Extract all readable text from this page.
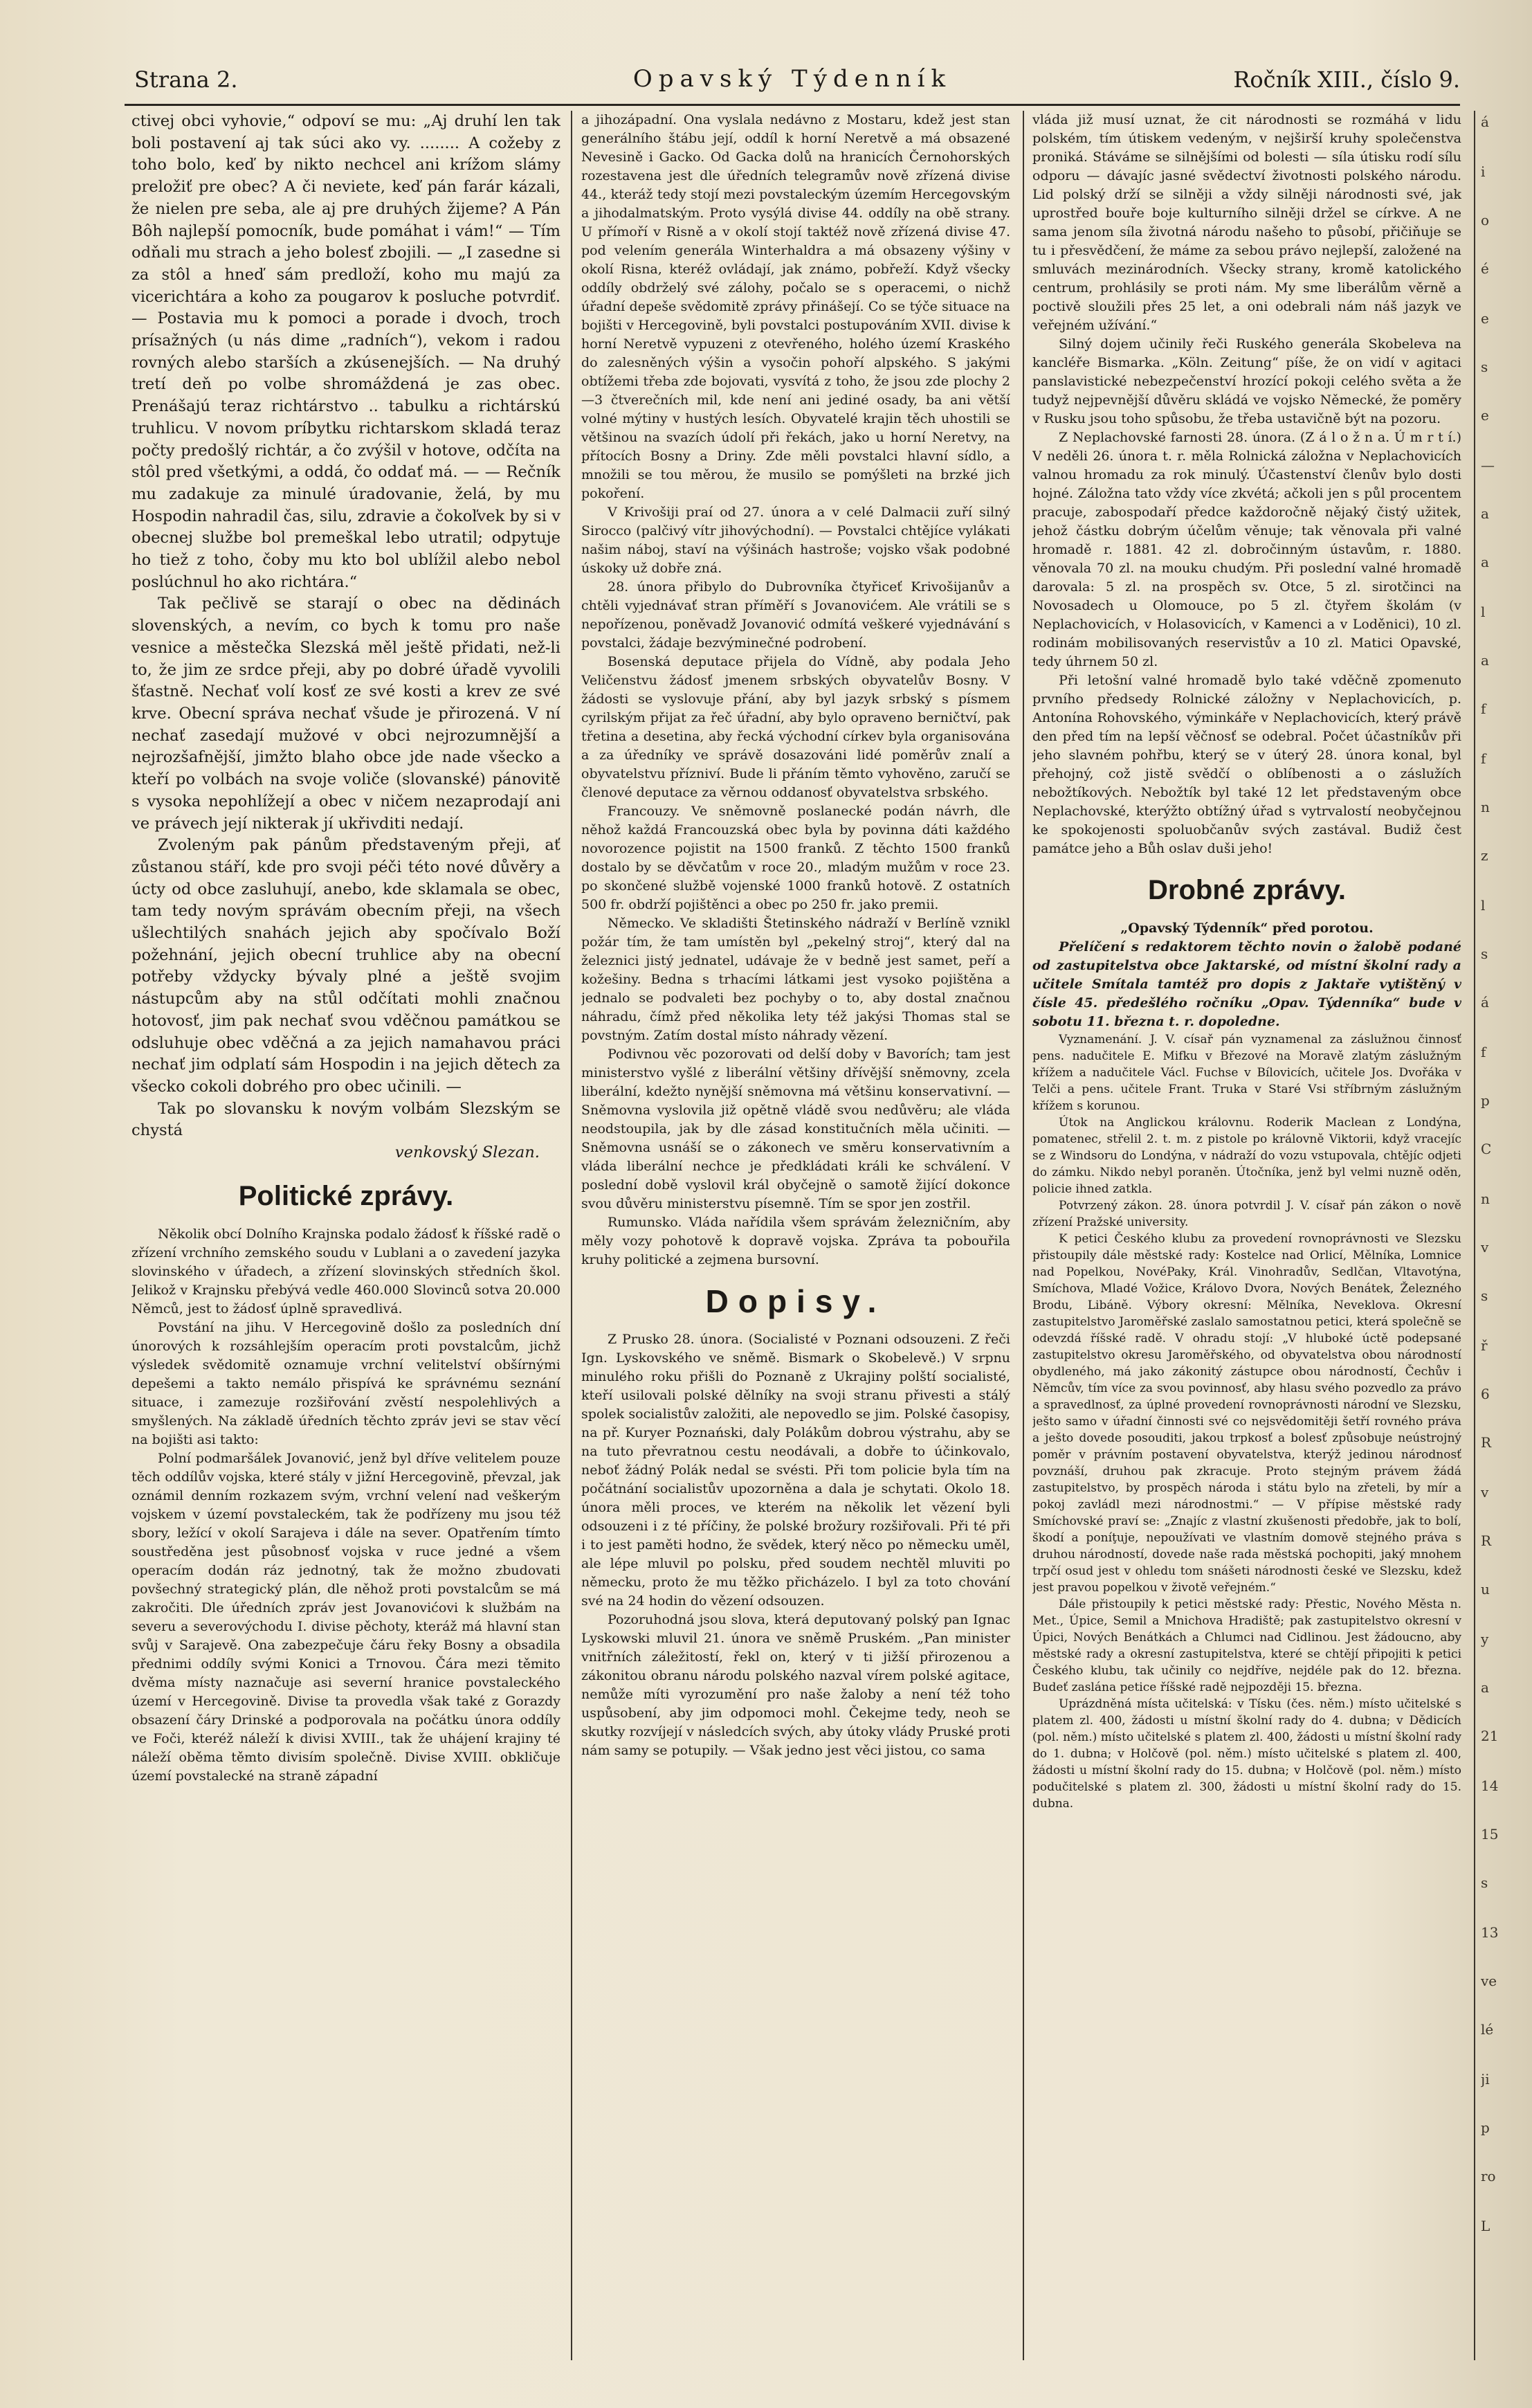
Strana 2.	Opavský Týdenník	Ročník XIII., číslo 9.

ctivej obci vyhovie,“ odpoví se mu: „Aj druhí len tak boli postavení aj tak súci ako vy. ........ A cožeby z toho bolo, keď by nikto nechcel ani krížom slámy preložiť pre obec? A či neviete, keď pán farár kázali, že nielen pre seba, ale aj pre druhých žijeme? A Pán Bôh najlepší pomocník, bude pomáhat i vám!“ — Tím odňali mu strach a jeho bolesť zbojili. — „I zasedne si za stôl a hneď sám predloží, koho mu majú za vicerichtára a koho za pougarov k posluche potvrdiť. — Postavia mu k pomoci a porade i dvoch, troch prísažných (u nás dime „radních“), vekom i radou rovných alebo starších a zkúsenejších. — Na druhý tretí deň po volbe shromáždená je zas obec. Prenášajú teraz richtárstvo .. tabulku a richtárskú truhlicu. V novom príbytku richtarskom skladá teraz počty predošlý richtár, a čo zvýšil v hotove, odčíta na stôl pred všetkými, a oddá, čo oddať má. — — Rečník mu zadakuje za minulé úradovanie, želá, by mu Hospodin nahradil čas, silu, zdravie a čokoľvek by si v obecnej službe bol premeškal lebo utratil; odpytuje ho tiež z toho, čoby mu kto bol ublížil alebo nebol poslúchnul ho ako richtára.“

Tak pečlivě se starají o obec na dědinách slovenských, a nevím, co bych k tomu pro naše vesnice a městečka Slezská měl ještě přidati, než-li to, že jim ze srdce přeji, aby po dobré úřadě vyvolili šťastně. Nechať volí kosť ze své kosti a krev ze své krve. Obecní správa nechať všude je přirozená. V ní nechať zasedají mužové v obci nejrozumnější a nejrozšafnější, jimžto blaho obce jde nade všecko a kteří po volbách na svoje voliče (slovanské) pánovitě s vysoka nepohlížejí a obec v ničem nezaprodají ani ve právech její nikterak jí ukřivditi nedají.

Zvoleným pak pánům představeným přeji, ať zůstanou stáří, kde pro svoji péči této nové důvěry a úcty od obce zasluhují, anebo, kde sklamala se obec, tam tedy novým správám obecním přeji, na všech ušlechtilých snahách jejich aby spočívalo Boží požehnání, jejich obecní truhlice aby na obecní potřeby vždycky bývaly plné a ještě svojim nástupcům aby na stůl odčítati mohli značnou hotovosť, jim pak nechať svou vděčnou památkou se odsluhuje obec vděčná a za jejich namahavou práci nechať jim odplatí sám Hospodin i na jejich dětech za všecko cokoli dobrého pro obec učinili. —

Tak po slovansku k novým volbám Slezským se chystá

venkovský Slezan.
Politické zprávy.

Několik obcí Dolního Krajnska podalo žádosť k říšské radě o zřízení vrchního zemského soudu v Lublani a o zavedení jazyka slovinského v úřadech, a zřízení slovinských středních škol. Jelikož v Krajnsku přebývá vedle 460.000 Slovinců sotva 20.000 Němců, jest to žádosť úplně spravedlivá.

Povstání na jihu. V Hercegovině došlo za posledních dní únorových k rozsáhlejším operacím proti povstalcům, jichž výsledek svědomitě oznamuje vrchní velitelství obšírnými depešemi a takto nemálo přispívá ke správnému seznání situace, i zamezuje rozšiřování zvěstí nespolehlivých a smyšlených. Na základě úředních těchto zpráv jevi se stav věcí na bojišti asi takto:

Polní podmaršálek Jovanović, jenž byl dříve velitelem pouze těch oddílův vojska, které stály v jižní Hercegovině, převzal, jak oznámil denním rozkazem svým, vrchní velení nad veškerým vojskem v území povstaleckém, tak že podřízeny mu jsou též sbory, ležící v okolí Sarajeva i dále na sever. Opatřením tímto soustředěna jest působnosť vojska v ruce jedné a všem operacím dodán ráz jednotný, tak že možno zbudovati povšechný strategický plán, dle něhož proti povstalcům se má zakročiti. Dle úředních zpráv jest Jovanovićovi k službám na severu a severovýchodu I. divise pěchoty, kteráž má hlavní stan svůj v Sarajevě. Ona zabezpečuje čáru řeky Bosny a obsadila přednimi oddíly svými Konici a Trnovou. Čára mezi těmito dvěma místy naznačuje asi severní hranice povstaleckého území v Hercegovině. Divise ta provedla však také z Gorazdy obsazení čáry Drinské a podporovala na počátku února oddíly ve Foči, kteréž náleží k divisi XVIII., tak že uhájení krajiny té náleží oběma těmto divisím společně. Divise XVIII. obkličuje území povstalecké na straně západní

a jihozápadní. Ona vyslala nedávno z Mostaru, kdež jest stan generálního štábu její, oddíl k horní Neretvě a má obsazené Nevesině i Gacko. Od Gacka dolů na hranicích Černohorských rozestavena jest dle úředních telegramův nově zřízená divise 44., kteráž tedy stojí mezi povstaleckým územím Hercegovským a jihodalmatským. Proto vysýlá divise 44. oddíly na obě strany. U přímoří v Risně a v okolí stojí taktéž nově zřízená divise 47. pod velením generála Winterhaldra a má obsazeny výšiny v okolí Risna, kteréž ovládají, jak známo, pobřeží. Když všecky oddíly obdrželý své zálohy, počalo se s operacemi, o nichž úřadní depeše svědomitě zprávy přinášejí. Co se týče situace na bojišti v Hercegovině, byli povstalci postupováním XVII. divise k horní Neretvě vypuzeni z otevřeného, holého území Kraského do zalesněných výšin a vysočin pohoří alpského. S jakými obtížemi třeba zde bojovati, vysvítá z toho, že jsou zde plochy 2—3 čtverečních mil, kde není ani jediné osady, ba ani větší volné mýtiny v hustých lesích. Obyvatelé krajin těch uhostili se většinou na svazích údolí při řekách, jako u horní Neretvy, na přítocích Bosny a Driny. Zde měli povstalci hlavní sídlo, a množili se tou měrou, že musilo se pomýšleti na brzké jich pokoření.

V Krivošiji praí od 27. února a v celé Dalmacii zuří silný Sirocco (palčivý vítr jihovýchodní). — Povstalci chtějíce vylákati našim náboj, staví na výšinách hastroše; vojsko však podobné úskoky už dobře zná.

28. února přibylo do Dubrovníka čtyřiceť Krivošijanův a chtěli vyjednávať stran příměří s Jovanovićem. Ale vrátili se s nepořízenou, poněvadž Jovanović odmítá veškeré vyjednávání s povstalci, žádaje bezvýminečné podrobení.

Bosenská deputace přijela do Vídně, aby podala Jeho Veličenstvu žádosť jmenem srbských obyvatelův Bosny. V žádosti se vyslovuje přání, aby byl jazyk srbský s písmem cyrilským přijat za řeč úřadní, aby bylo opraveno berničtví, pak třetina a desetina, aby řecká východní církev byla organisována a za úředníky ve správě dosazováni lidé poměrův znalí a obyvatelstvu přízniví. Bude li přáním těmto vyhověno, zaručí se členové deputace za věrnou oddanosť obyvatelstva srbského.

Francouzy. Ve sněmovně poslanecké podán návrh, dle něhož každá Francouzská obec byla by povinna dáti každého novorozence pojistit na 1500 franků. Z těchto 1500 franků dostalo by se děvčatům v roce 20., mladým mužům v roce 23. po skončené službě vojenské 1000 franků hotově. Z ostatních 500 fr. obdrží pojištěnci a obec po 250 fr. jako premii.

Německo. Ve skladišti Štetinského nádraží v Berlíně vznikl požár tím, že tam umístěn byl „pekelný stroj“, který dal na železnici jistý jednatel, udávaje že v bedně jest samet, peří a kožešiny. Bedna s trhacími látkami jest vysoko pojištěna a jednalo se podvaleti bez pochyby o to, aby dostal značnou náhradu, čímž před několika lety též jakýsi Thomas stal se povstným. Zatím dostal místo náhrady vězení.

Podivnou věc pozorovati od delší doby v Bavorích; tam jest ministerstvo vyšlé z liberální většiny dřívější sněmovny, zcela liberální, kdežto nynější sněmovna má většinu konservativní. — Sněmovna vyslovila již opětně vládě svou nedůvěru; ale vláda neodstoupila, jak by dle zásad konstitučních měla učiniti. — Sněmovna usnáší se o zákonech ve směru konservativním a vláda liberální nechce je předkládati králi ke schválení. V poslední době vyslovil král obyčejně o samotě žijící dokonce svou důvěru ministerstvu písemně. Tím se spor jen zostřil.

Rumunsko. Vláda nařídila všem správám železničním, aby měly vozy pohotově k dopravě vojska. Zpráva ta pobouřila kruhy politické a zejmena bursovní.

Dopisy.

Z Prusko 28. února. (Socialisté v Poznani odsouzeni. Z řeči Ign. Lyskovského ve sněmě. Bismark o Skobelevě.) V srpnu minulého roku přišli do Poznaně z Ukrajiny polští socialisté, kteří usilovali polské dělníky na svoji stranu přivesti a stálý spolek socialistův založiti, ale nepovedlo se jim. Polské časopisy, na př. Kuryer Poznański, daly Polákům dobrou výstrahu, aby se na tuto převratnou cestu neodávali, a dobře to účinkovalo, neboť žádný Polák nedal se svésti. Při tom policie byla tím na počátnání socialistův upozorněna a dala je schytati. Okolo 18. února měli proces, ve kterém na několik let vězení byli odsouzeni i z té příčiny, že polské brožury rozšiřovali. Při té při i to jest paměti hodno, že svědek, který něco po německu uměl, ale lépe mluvil po polsku, před soudem nechtěl mluviti po německu, proto že mu těžko přicházelo. I byl za toto chování své na 24 hodin do vězení odsouzen.

Pozoruhodná jsou slova, která deputovaný polský pan Ignac Lyskowski mluvil 21. února ve sněmě Pruském. „Pan minister vnitřních záležitostí, řekl on, který v ti jižší přirozenou a zákonitou obranu národu polského nazval vírem polské agitace, nemůže míti vyrozumění pro naše žaloby a není též toho uspůsobení, aby jim odpomoci mohl. Čekejme tedy, neoh se skutky rozvíjejí v následcích svých, aby útoky vlády Pruské proti nám samy se potupily. — Však jedno jest věci jistou, co sama

vláda již musí uznat, že cit národnosti se rozmáhá v lidu polském, tím útiskem vedeným, v nejširší kruhy společenstva proniká. Stáváme se silnějšími od bolesti — síla útisku rodí sílu odporu — dávajíc jasné svědectví životnosti polského národu. Lid polský drží se silněji a vždy silněji národnosti své, jak uprostřed bouře boje kulturního silněji držel se církve. A ne sama jenom síla životná národu našeho to působí, přičiňuje se tu i přesvědčení, že máme za sebou právo nejlepší, založené na smluvách mezinárodních. Všecky strany, kromě katolického centrum, prohlásily se proti nám. My sme liberálům věrně a poctivě sloužili přes 25 let, a oni odebrali nám náš jazyk ve veřejném užívání.“

Silný dojem učinily řeči Ruského generála Skobeleva na kancléře Bismarka. „Köln. Zeitung“ píše, že on vidí v agitaci panslavistické nebezpečenství hrozící pokoji celého světa a že tudyž nejpevnější důvěru skládá ve vojsko Německé, že poměry v Rusku jsou toho spůsobu, že třeba ustavičně být na pozoru.

Z Neplachovské farnosti 28. února. (Z á l o ž n a. Ú m r t í.) V neděli 26. února t. r. měla Rolnická záložna v Neplachovicích valnou hromadu za rok minulý. Účastenství členův bylo dosti hojné. Záložna tato vždy více zkvétá; ačkoli jen s půl procentem pracuje, zabospodaří předce každoročně nějaký čistý užitek, jehož částku dobrým účelům věnuje; tak věnovala při valné hromadě r. 1881. 42 zl. dobročinným ústavům, r. 1880. věnovala 70 zl. na mouku chudým. Při poslední valné hromadě darovala: 5 zl. na prospěch sv. Otce, 5 zl. sirotčinci na Novosadech u Olomouce, po 5 zl. čtyřem školám (v Neplachovicích, v Holasovicích, v Kamenci a v Loděnici), 10 zl. rodinám mobilisovaných reservistův a 10 zl. Matici Opavské, tedy úhrnem 50 zl.

Při letošní valné hromadě bylo také vděčně zpomenuto prvního předsedy Rolnické záložny v Neplachovicích, p. Antonína Rohovského, výminkáře v Neplachovicích, který právě den před tím na lepší věčnosť se odebral. Počet účastníkův při jeho slavném pohřbu, který se v úterý 28. února konal, byl přehojný, což jistě svědčí o oblíbenosti a o záslužích nebožtíkových. Nebožtík byl také 12 let představeným obce Neplachovské, kterýžto obtížný úřad s vytrvalostí neobyčejnou ke spokojenosti spoluobčanův svých zastával. Budiž čest památce jeho a Bůh oslav duši jeho!

Drobné zprávy.

„Opavský Týdenník“ před porotou.

Přelíčení s redaktorem těchto novin o žalobě podané od zastupitelstva obce Jaktarské, od místní školní rady a učitele Smítala tamtéž pro dopis z Jaktaře vytištěný v čísle 45. předešlého ročníku „Opav. Týdenníka“ bude v sobotu 11. března t. r. dopoledne.

Vyznamenání. J. V. císař pán vyznamenal za záslužnou činnosť pens. nadučitele E. Mifku v Březové na Moravě zlatým záslužným křížem a nadučitele Václ. Fuchse v Bílovicích, učitele Jos. Dvořáka v Telči a pens. učitele Frant. Truka v Staré Vsi stříbrným záslužným křížem s korunou.

Útok na Anglickou královnu. Roderik Maclean z Londýna, pomatenec, střelil 2. t. m. z pistole po královně Viktorii, když vracejíc se z Windsoru do Londýna, v nádraží do vozu vstupovala, chtějíc odjeti do zámku. Nikdo nebyl poraněn. Útočníka, jenž byl velmi nuzně oděn, policie ihned zatkla.

Potvrzený zákon. 28. února potvrdil J. V. císař pán zákon o nově zřízení Pražské university.

K petici Českého klubu za provedení rovnoprávnosti ve Slezsku přistoupily dále městské rady: Kostelce nad Orlicí, Mělníka, Lomnice nad Popelkou, NovéPaky, Král. Vinohradův, Sedlčan, Vltavotýna, Smíchova, Mladé Vožice, Královo Dvora, Nových Benátek, Železného Brodu, Libáně. Výbory okresní: Mělníka, Neveklova. Okresní zastupitelstvo Jaroměřské zaslalo samostatnou petici, která společně se odevzdá říšské radě. V ohradu stojí: „V hluboké úctě podepsané zastupitelstvo okresu Jaroměřského, od obyvatelstva obou národností obydleného, má jako zákonitý zástupce obou národností, Čechův i Němcův, tím více za svou povinnosť, aby hlasu svého pozvedlo za právo a spravedlnosť, za úplné provedení rovnoprávnosti národní ve Slezsku, ješto samo v úřadní činnosti své co nejsvědomitěji šetří rovného práva a ješto dovede posouditi, jakou trpkosť a bolesť způsobuje neústrojný poměr v právním postavení obyvatelstva, kterýž jedinou národnosť povznáší, druhou pak zkracuje. Proto stejným právem žádá zastupitelstvo, by prospěch národa i státu bylo na zřeteli, by mír a pokoj zavládl mezi národnostmi.“ — V přípise městské rady Smíchovské praví se: „Znajíc z vlastní zkušenosti předobře, jak to bolí, škodí a poníţuje, nepoužívati ve vlastním domově stejného práva s druhou národností, dovede naše rada městská pochopiti, jaký mnohem trpčí osud jest v ohledu tom snášeti národnosti české ve Slezsku, kdež jest pravou popelkou v životě veřejném.“

Dále přistoupily k petici městské rady: Přestic, Nového Města n. Met., Úpice, Semil a Mnichova Hradiště; pak zastupitelstvo okresní v Úpici, Nových Benátkách a Chlumci nad Cidlinou. Jest žádoucno, aby městské rady a okresní zastupitelstva, které se chtějí připojiti k petici Českého klubu, tak učinily co nejdříve, nejdéle pak do 12. března. Budeť zaslána petice říšské radě nejpozději 15. března.

Uprázdněná místa učitelská: v Tísku (čes. něm.) místo učitelské s platem zl. 400, žádosti u místní školní rady do 4. dubna; v Dědicích (pol. něm.) místo učitelské s platem zl. 400, žádosti u místní školní rady do 1. dubna; v Holčově (pol. něm.) místo učitelské s platem zl. 400, žádosti u místní školní rady do 15. dubna; v Holčově (pol. něm.) místo podučitelské s platem zl. 300, žádosti u místní školní rady do 15. dubna.

á
i
o
é
e
s
e
—
a
a
l
a
f
f
n
z
l
s
á
f
p
C
n
v
s
ř
6
R
v
R
u
y
a
21
14
15
s
13
ve
lé
ji
p
ro
L
